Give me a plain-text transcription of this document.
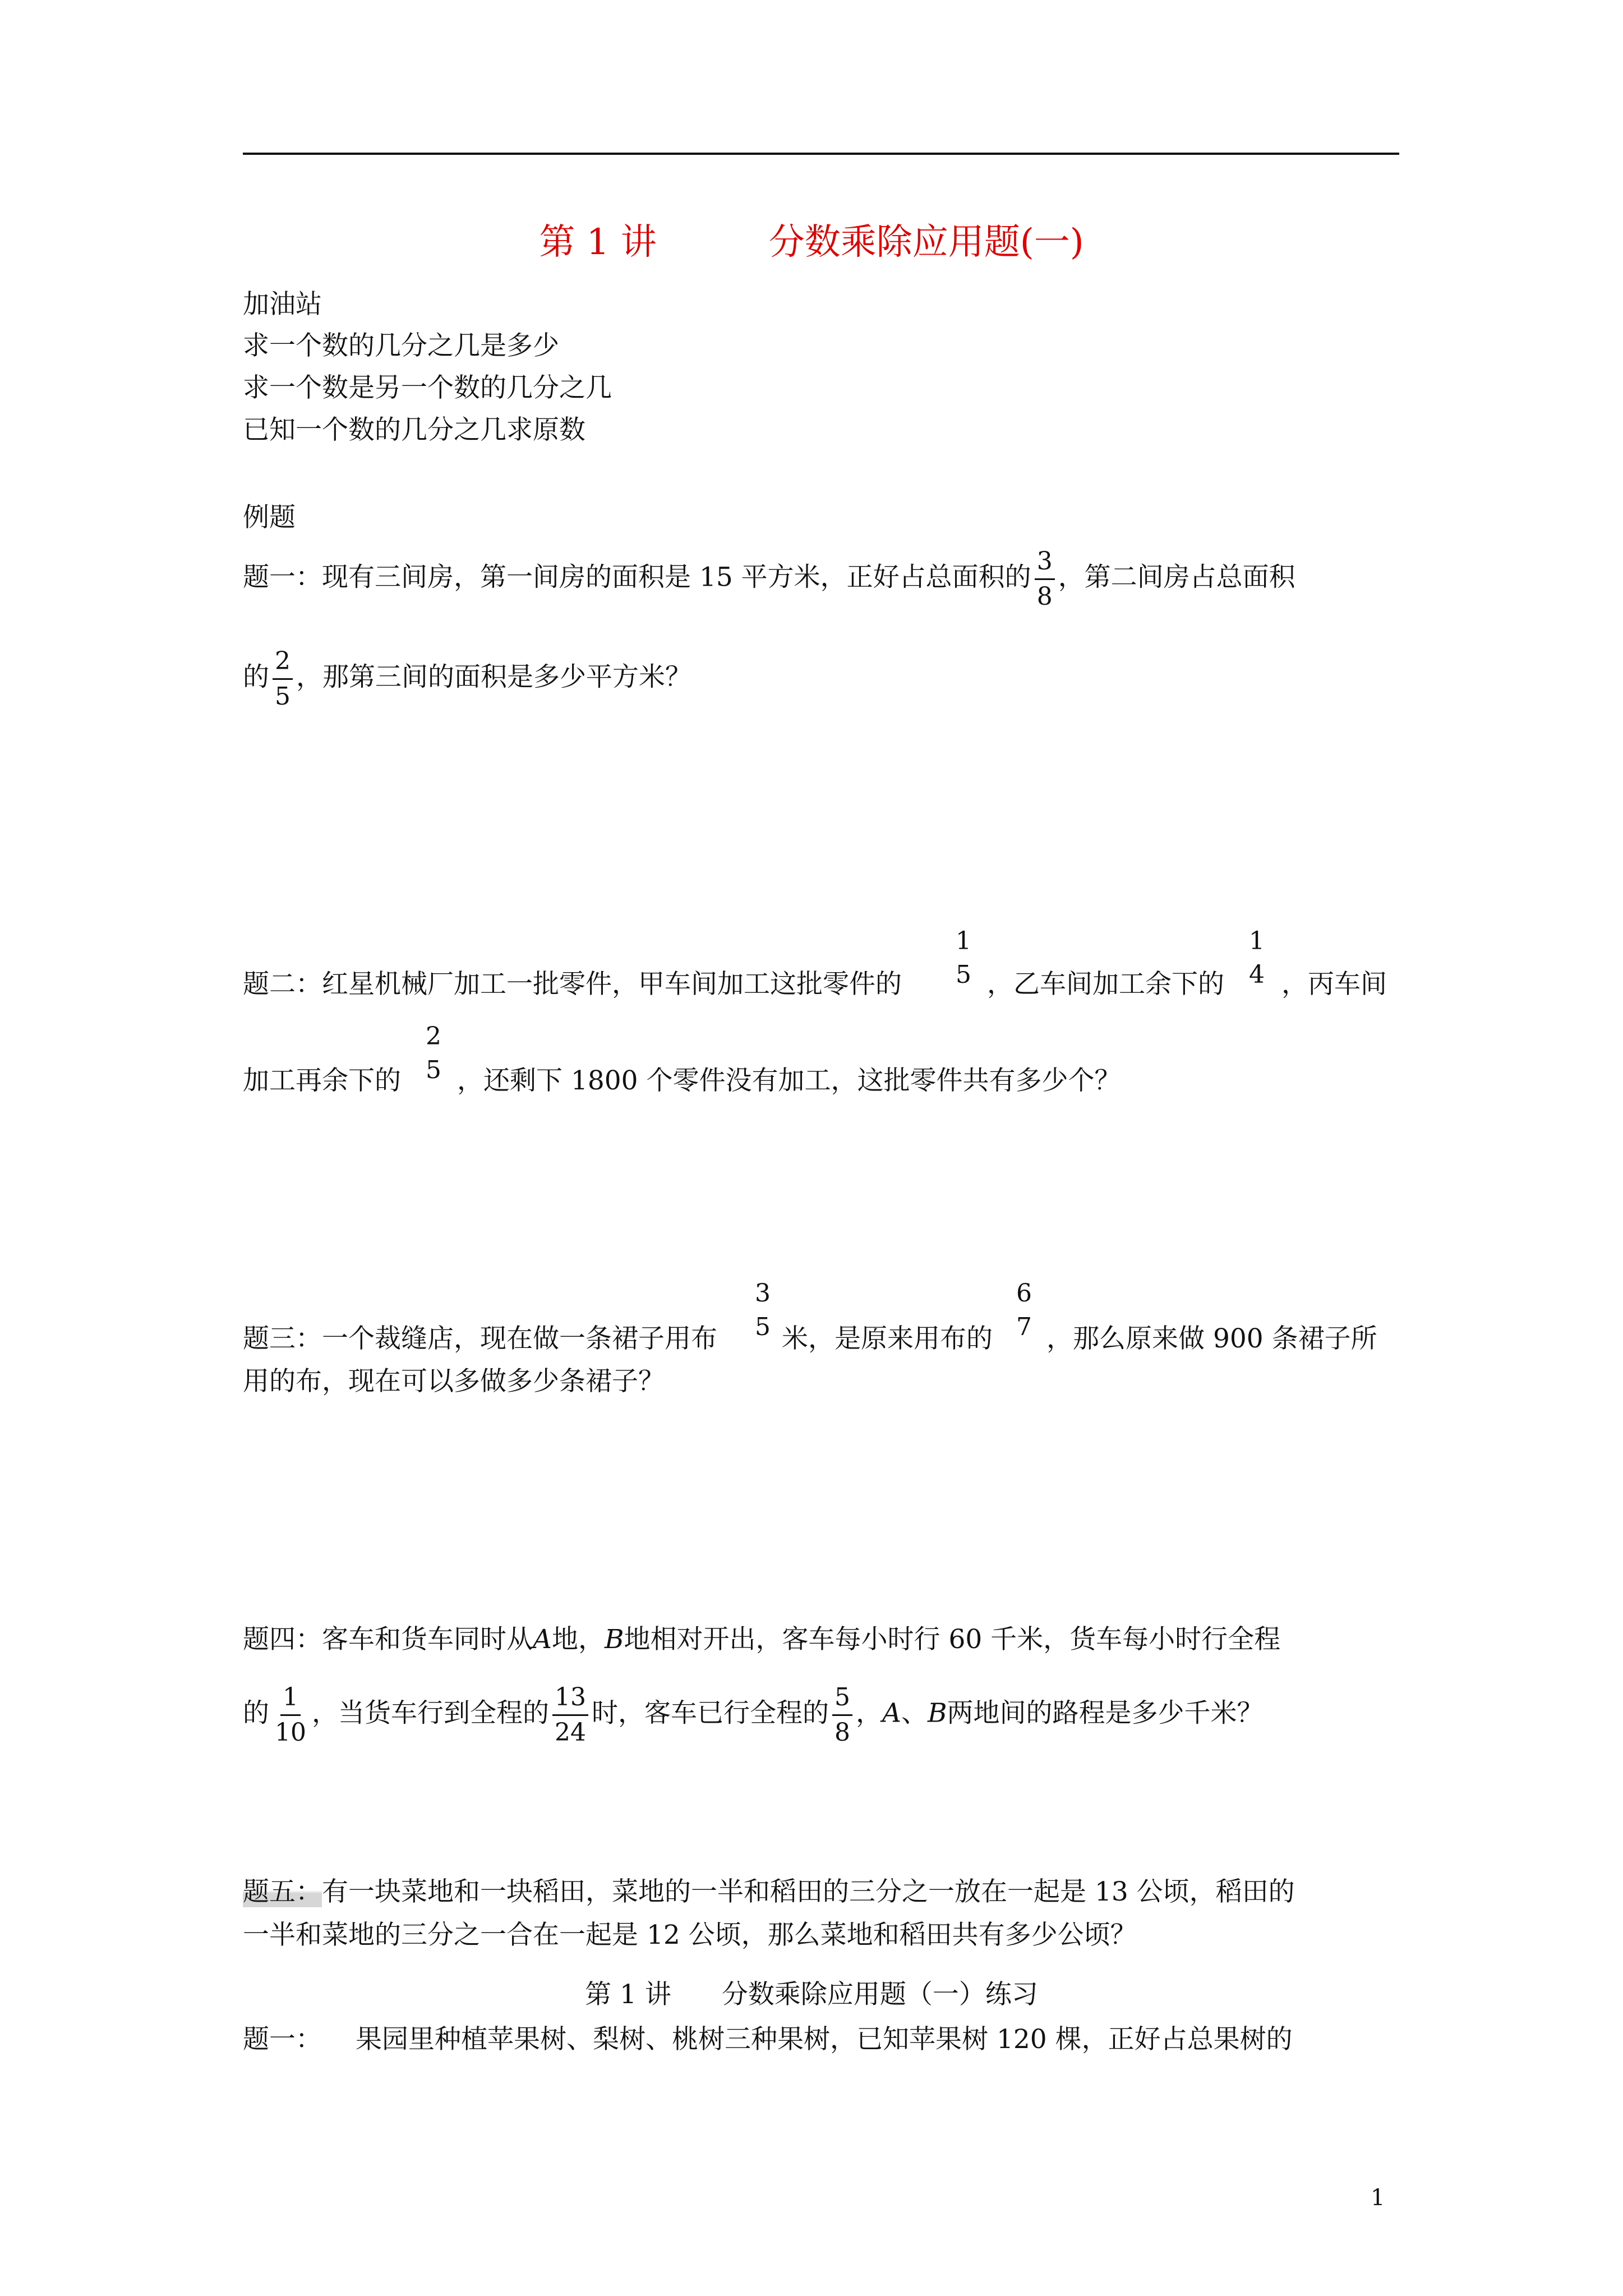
第 1 讲	分数乘除应用题(一)
加油站
求一个数的几分之几是多少
求一个数是另一个数的几分之几
已知一个数的几分之几求原数
例题
题一：现有三间房，第一间房的面积是 15 平方米，正好占总面积的 $\frac{3}{8}$ ，第二间房占总面积
的 $\frac{2}{5}$ ，那第三间的面积是多少平方米？
题二：红星机械厂加工一批零件，甲车间加工这批零件的
1
5 ，乙车间加工余下的
1
4 ，丙车间
加工再余下的
2
5 ，还剩下 1800 个零件没有加工，这批零件共有多少个？
题三：一个裁缝店，现在做一条裙子用布
3
5 米，是原来用布的
6
7 ，那么原来做 900 条裙子所
用的布，现在可以多做多少条裙子？
题四：客车和货车同时从A地，B地相对开出，客车每小时行 60 千米，货车每小时行全程
的 $\frac{1}{10}$ ，当货车行到全程的 $\frac{13}{24}$ 时，客车已行全程的 $\frac{5}{8}$ ，A、B两地间的路程是多少千米？
题五：有一块菜地和一块稻田，菜地的一半和稻田的三分之一放在一起是 13 公顷，稻田的
一半和菜地的三分之一合在一起是 12 公顷，那么菜地和稻田共有多少公顷？
第 1 讲 分数乘除应用题（一）练习
题一： 果园里种植苹果树、梨树、桃树三种果树，已知苹果树 120 棵，正好占总果树的
1
